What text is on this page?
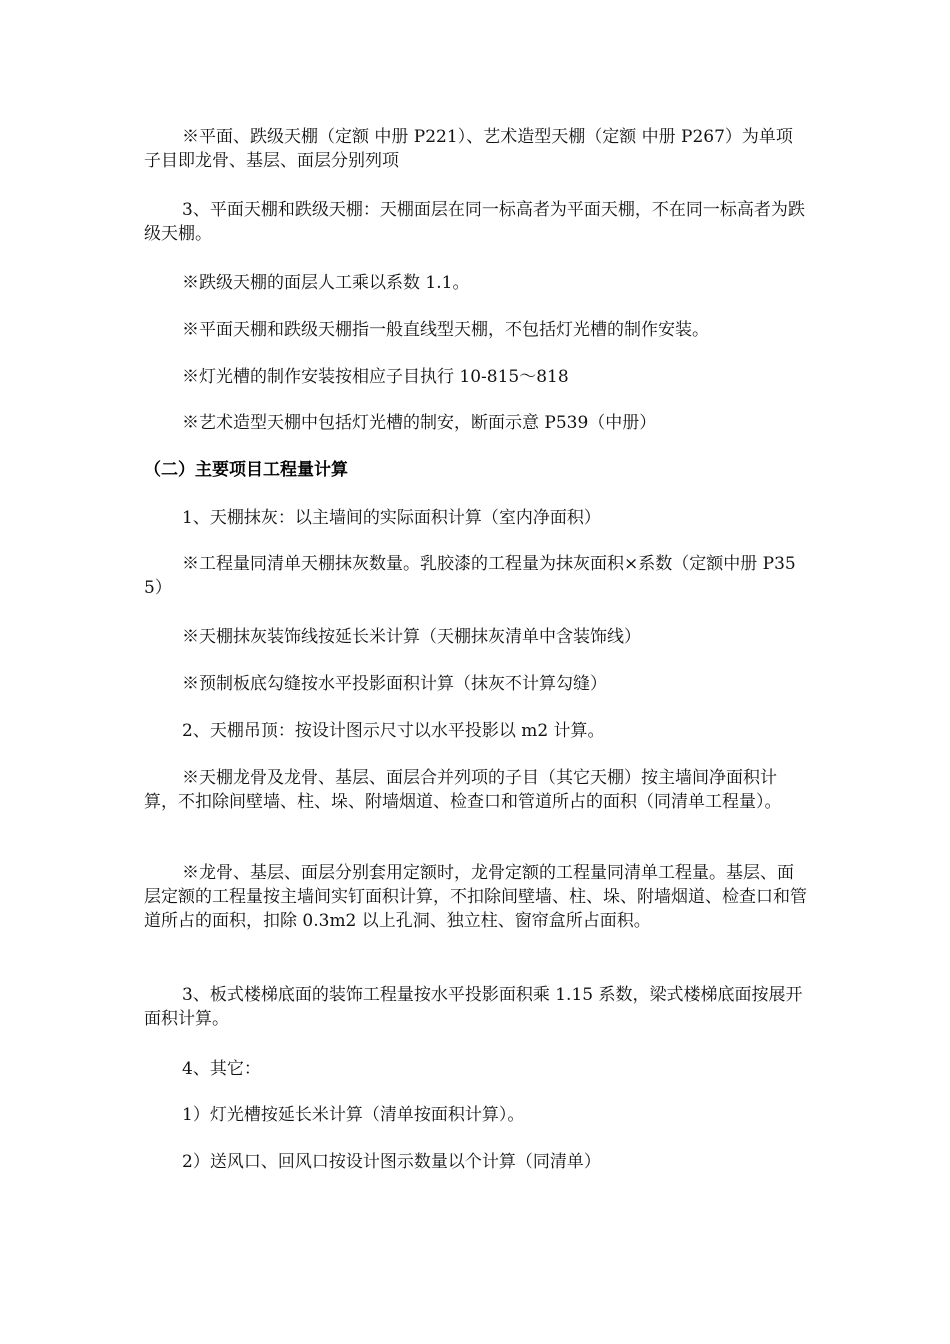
※平面、跌级天棚（定额 中册 P221）、艺术造型天棚（定额 中册 P267）为单项子目即龙骨、基层、面层分别列项

3、平面天棚和跌级天棚：天棚面层在同一标高者为平面天棚，不在同一标高者为跌级天棚。

※跌级天棚的面层人工乘以系数 1.1。

※平面天棚和跌级天棚指一般直线型天棚，不包括灯光槽的制作安装。

※灯光槽的制作安装按相应子目执行 10-815～818

※艺术造型天棚中包括灯光槽的制安，断面示意 P539（中册）

（二）主要项目工程量计算

1、天棚抹灰：以主墙间的实际面积计算（室内净面积）

※工程量同清单天棚抹灰数量。乳胶漆的工程量为抹灰面积×系数（定额中册 P355）

※天棚抹灰装饰线按延长米计算（天棚抹灰清单中含装饰线）

※预制板底勾缝按水平投影面积计算（抹灰不计算勾缝）

2、天棚吊顶：按设计图示尺寸以水平投影以 m2 计算。

※天棚龙骨及龙骨、基层、面层合并列项的子目（其它天棚）按主墙间净面积计算，不扣除间壁墙、柱、垛、附墙烟道、检查口和管道所占的面积（同清单工程量）。

※龙骨、基层、面层分别套用定额时，龙骨定额的工程量同清单工程量。基层、面层定额的工程量按主墙间实钉面积计算，不扣除间壁墙、柱、垛、附墙烟道、检查口和管道所占的面积，扣除 0.3m2 以上孔洞、独立柱、窗帘盒所占面积。

3、板式楼梯底面的装饰工程量按水平投影面积乘 1.15 系数，梁式楼梯底面按展开面积计算。

4、其它：

1）灯光槽按延长米计算（清单按面积计算）。

2）送风口、回风口按设计图示数量以个计算（同清单）
